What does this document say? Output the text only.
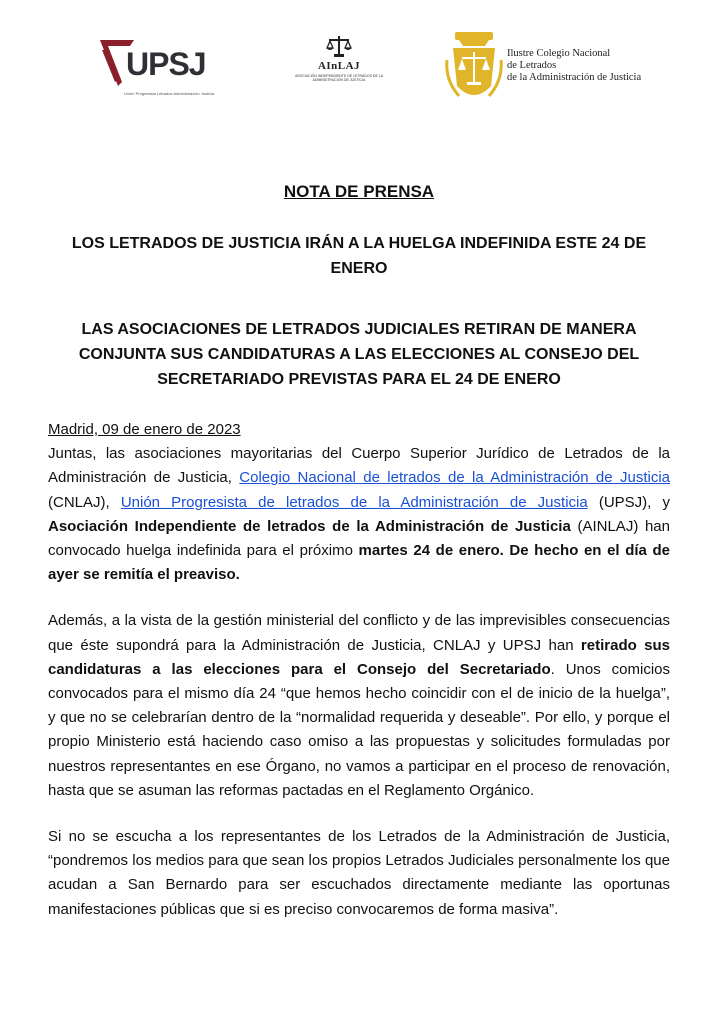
UPSJ
Unión Progresista Letrados Administración Justicia
AInLAJ
ASOCIACIÓN INDEPENDIENTE DE LETRADOS DE LA ADMINISTRACIÓN DE JUSTICIA
Ilustre Colegio Nacional
de Letrados
de la Administración de Justicia
NOTA DE PRENSA
LOS LETRADOS DE JUSTICIA IRÁN A LA HUELGA INDEFINIDA ESTE 24 DE ENERO
LAS ASOCIACIONES DE LETRADOS JUDICIALES RETIRAN DE MANERA CONJUNTA SUS CANDIDATURAS A LAS ELECCIONES AL CONSEJO DEL SECRETARIADO PREVISTAS PARA EL 24 DE ENERO

Madrid, 09 de enero de 2023
Juntas, las asociaciones mayoritarias del Cuerpo Superior Jurídico de Letrados de la Administración de Justicia, Colegio Nacional de letrados de la Administración de Justicia (CNLAJ), Unión Progresista de letrados de la Administración de Justicia (UPSJ), y Asociación Independiente de letrados de la Administración de Justicia (AINLAJ) han convocado huelga indefinida para el próximo martes 24 de enero. De hecho en el día de ayer se remitía el preaviso.

Además, a la vista de la gestión ministerial del conflicto y de las imprevisibles consecuencias que éste supondrá para la Administración de Justicia, CNLAJ y UPSJ han retirado sus candidaturas a las elecciones para el Consejo del Secretariado. Unos comicios convocados para el mismo día 24 “que hemos hecho coincidir con el de inicio de la huelga”, y que no se celebrarían dentro de la “normalidad requerida y deseable”. Por ello, y porque el propio Ministerio está haciendo caso omiso a las propuestas y solicitudes formuladas por nuestros representantes en ese Órgano, no vamos a participar en el proceso de renovación, hasta que se asuman las reformas pactadas en el Reglamento Orgánico.

Si no se escucha a los representantes de los Letrados de la Administración de Justicia, “pondremos los medios para que sean los propios Letrados Judiciales personalmente los que acudan a San Bernardo para ser escuchados directamente mediante las oportunas manifestaciones públicas que si es preciso convocaremos de forma masiva”.
